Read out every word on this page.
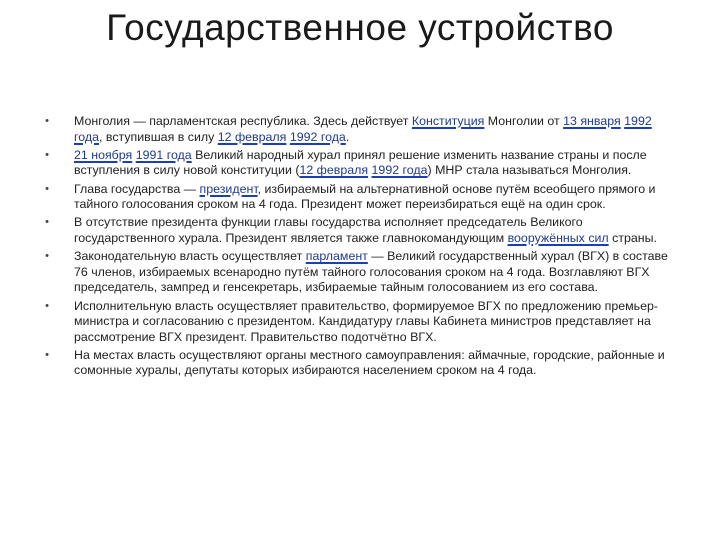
Государственное устройство
• Монголия — парламентская республика. Здесь действует Конституция Монголии от 13 января 1992 года, вступившая в силу 12 февраля 1992 года.
• 21 ноября 1991 года Великий народный хурал принял решение изменить название страны и после вступления в силу новой конституции (12 февраля 1992 года) МНР стала называться Монголия.
• Глава государства — президент, избираемый на альтернативной основе путём всеобщего прямого и тайного голосования сроком на 4 года. Президент может переизбираться ещё на один срок.
• В отсутствие президента функции главы государства исполняет председатель Великого государственного хурала. Президент является также главнокомандующим вооружённых сил страны.
• Законодательную власть осуществляет парламент — Великий государственный хурал (ВГХ) в составе 76 членов, избираемых всенародно путём тайного голосования сроком на 4 года. Возглавляют ВГХ председатель, зампред и генсекретарь, избираемые тайным голосованием из его состава.
• Исполнительную власть осуществляет правительство, формируемое ВГХ по предложению премьер-министра и согласованию с президентом. Кандидатуру главы Кабинета министров представляет на рассмотрение ВГХ президент. Правительство подотчётно ВГХ.
• На местах власть осуществляют органы местного самоуправления: аймачные, городские, районные и сомонные хуралы, депутаты которых избираются населением сроком на 4 года.
